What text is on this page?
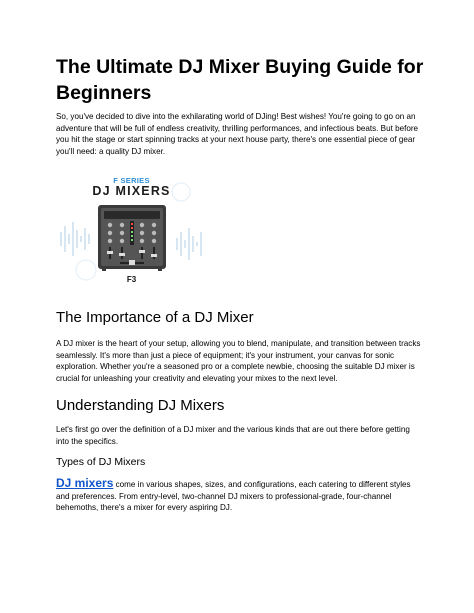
The Ultimate DJ Mixer Buying Guide for Beginners

So, you've decided to dive into the exhilarating world of DJing! Best wishes! You're going to go on an adventure that will be full of endless creativity, thrilling performances, and infectious beats. But before you hit the stage or start spinning tracks at your next house party, there's one essential piece of gear you'll need: a quality DJ mixer.

F SERIES
DJ MIXERS
F3
The Importance of a DJ Mixer

A DJ mixer is the heart of your setup, allowing you to blend, manipulate, and transition between tracks seamlessly. It's more than just a piece of equipment; it's your instrument, your canvas for sonic exploration. Whether you're a seasoned pro or a complete newbie, choosing the suitable DJ mixer is crucial for unleashing your creativity and elevating your mixes to the next level.

Understanding DJ Mixers

Let's first go over the definition of a DJ mixer and the various kinds that are out there before getting into the specifics.

Types of DJ Mixers

DJ mixers come in various shapes, sizes, and configurations, each catering to different styles and preferences. From entry-level, two-channel DJ mixers to professional-grade, four-channel behemoths, there's a mixer for every aspiring DJ.
